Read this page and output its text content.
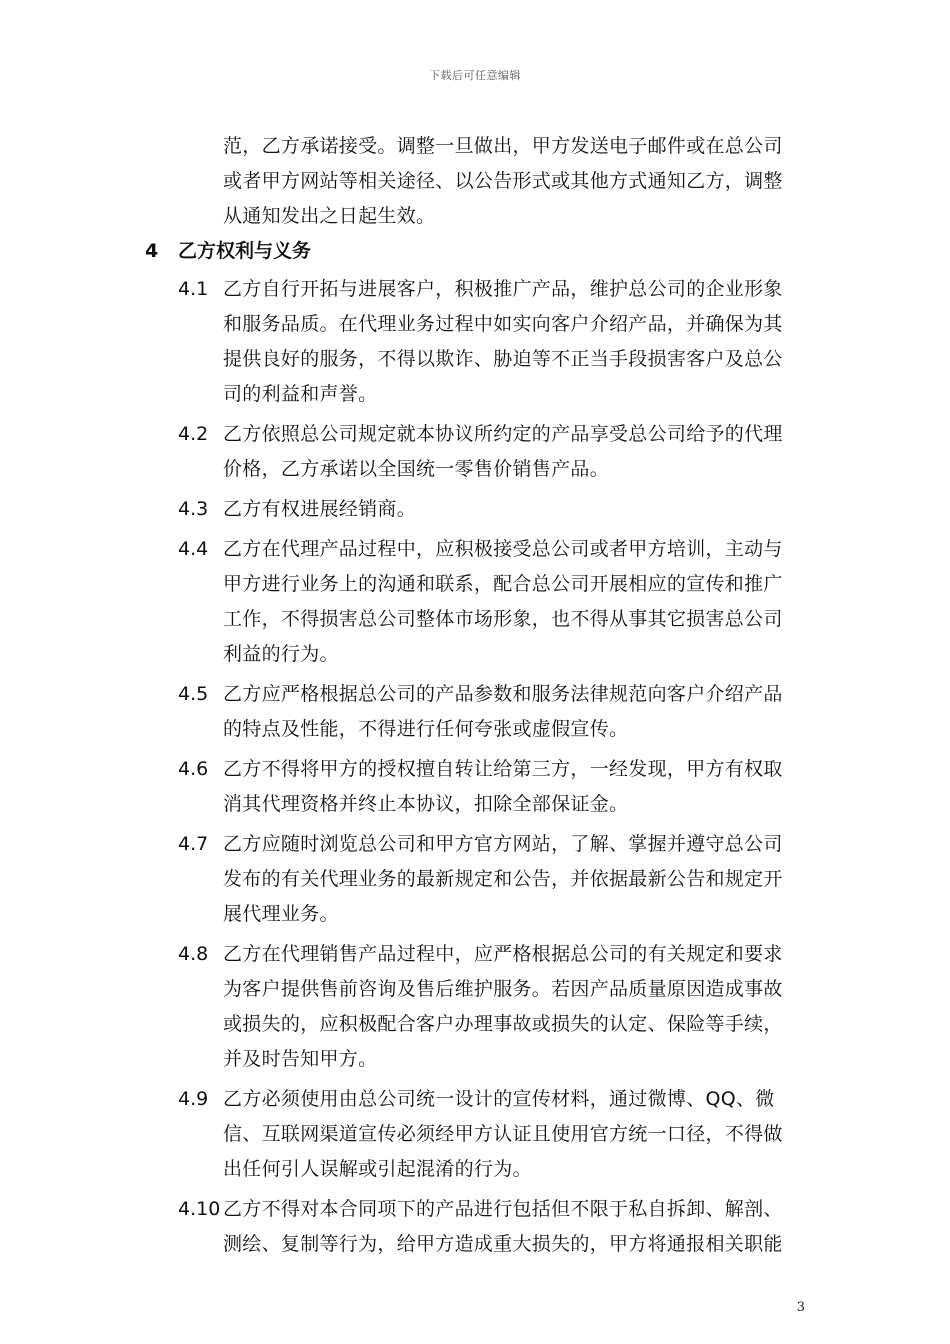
下载后可任意编辑
范，乙方承诺接受。调整一旦做出，甲方发送电子邮件或在总公司
或者甲方网站等相关途径、以公告形式或其他方式通知乙方，调整
从通知发出之日起生效。
4 乙方权利与义务
4.1 乙方自行开拓与进展客户，积极推广产品，维护总公司的企业形象
和服务品质。在代理业务过程中如实向客户介绍产品，并确保为其
提供良好的服务，不得以欺诈、胁迫等不正当手段损害客户及总公
司的利益和声誉。
4.2 乙方依照总公司规定就本协议所约定的产品享受总公司给予的代理
价格，乙方承诺以全国统一零售价销售产品。
4.3 乙方有权进展经销商。
4.4 乙方在代理产品过程中，应积极接受总公司或者甲方培训，主动与
甲方进行业务上的沟通和联系，配合总公司开展相应的宣传和推广
工作，不得损害总公司整体市场形象，也不得从事其它损害总公司
利益的行为。
4.5 乙方应严格根据总公司的产品参数和服务法律规范向客户介绍产品
的特点及性能，不得进行任何夸张或虚假宣传。
4.6 乙方不得将甲方的授权擅自转让给第三方，一经发现，甲方有权取
消其代理资格并终止本协议，扣除全部保证金。
4.7 乙方应随时浏览总公司和甲方官方网站，了解、掌握并遵守总公司
发布的有关代理业务的最新规定和公告，并依据最新公告和规定开
展代理业务。
4.8 乙方在代理销售产品过程中，应严格根据总公司的有关规定和要求
为客户提供售前咨询及售后维护服务。若因产品质量原因造成事故
或损失的，应积极配合客户办理事故或损失的认定、保险等手续，
并及时告知甲方。
4.9 乙方必须使用由总公司统一设计的宣传材料，通过微博、QQ、微
信、互联网渠道宣传必须经甲方认证且使用官方统一口径，不得做
出任何引人误解或引起混淆的行为。
4.10 乙方不得对本合同项下的产品进行包括但不限于私自拆卸、解剖、
测绘、复制等行为，给甲方造成重大损失的，甲方将通报相关职能
3
